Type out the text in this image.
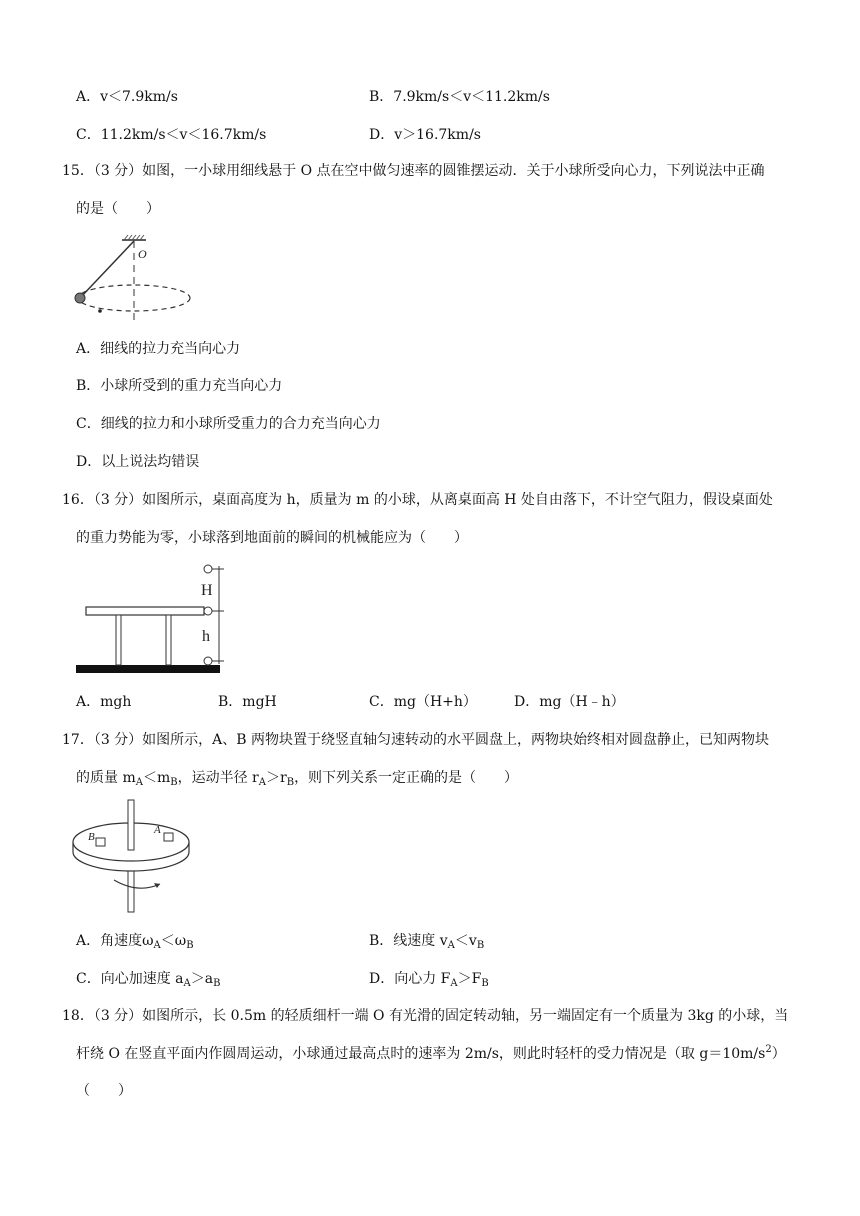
A．v＜7.9km/s	B．7.9km/s＜v＜11.2km/s
C．11.2km/s＜v＜16.7km/s	D．v＞16.7km/s
15．（3 分）如图，一小球用细线悬于 O 点在空中做匀速率的圆锥摆运动．关于小球所受向心力，下列说法中正确
的是（　　）
O
A．细线的拉力充当向心力
B．小球所受到的重力充当向心力
C．细线的拉力和小球所受重力的合力充当向心力
D．以上说法均错误
16．（3 分）如图所示，桌面高度为 h，质量为 m 的小球，从离桌面高 H 处自由落下，不计空气阻力，假设桌面处
的重力势能为零，小球落到地面前的瞬间的机械能应为（　　）
H
h
A．mgh	B．mgH	C．mg（H+h）	D．mg（H﹣h）
17．（3 分）如图所示，A、B 两物块置于绕竖直轴匀速转动的水平圆盘上，两物块始终相对圆盘静止，已知两物块
的质量 $m_A<m_B$，运动半径 $r_A>r_B$，则下列关系一定正确的是（　　）
B
A
A．角速度$\omega_A<\omega_B$	B．线速度 $v_A<v_B$
C．向心加速度 $a_A>a_B$	D．向心力 $F_A>F_B$
18．（3 分）如图所示，长 0.5m 的轻质细杆一端 O 有光滑的固定转动轴，另一端固定有一个质量为 3kg 的小球，当
杆绕 O 在竖直平面内作圆周运动，小球通过最高点时的速率为 2m/s，则此时轻杆的受力情况是（取 $g=10m/s^2$）
（　　）
